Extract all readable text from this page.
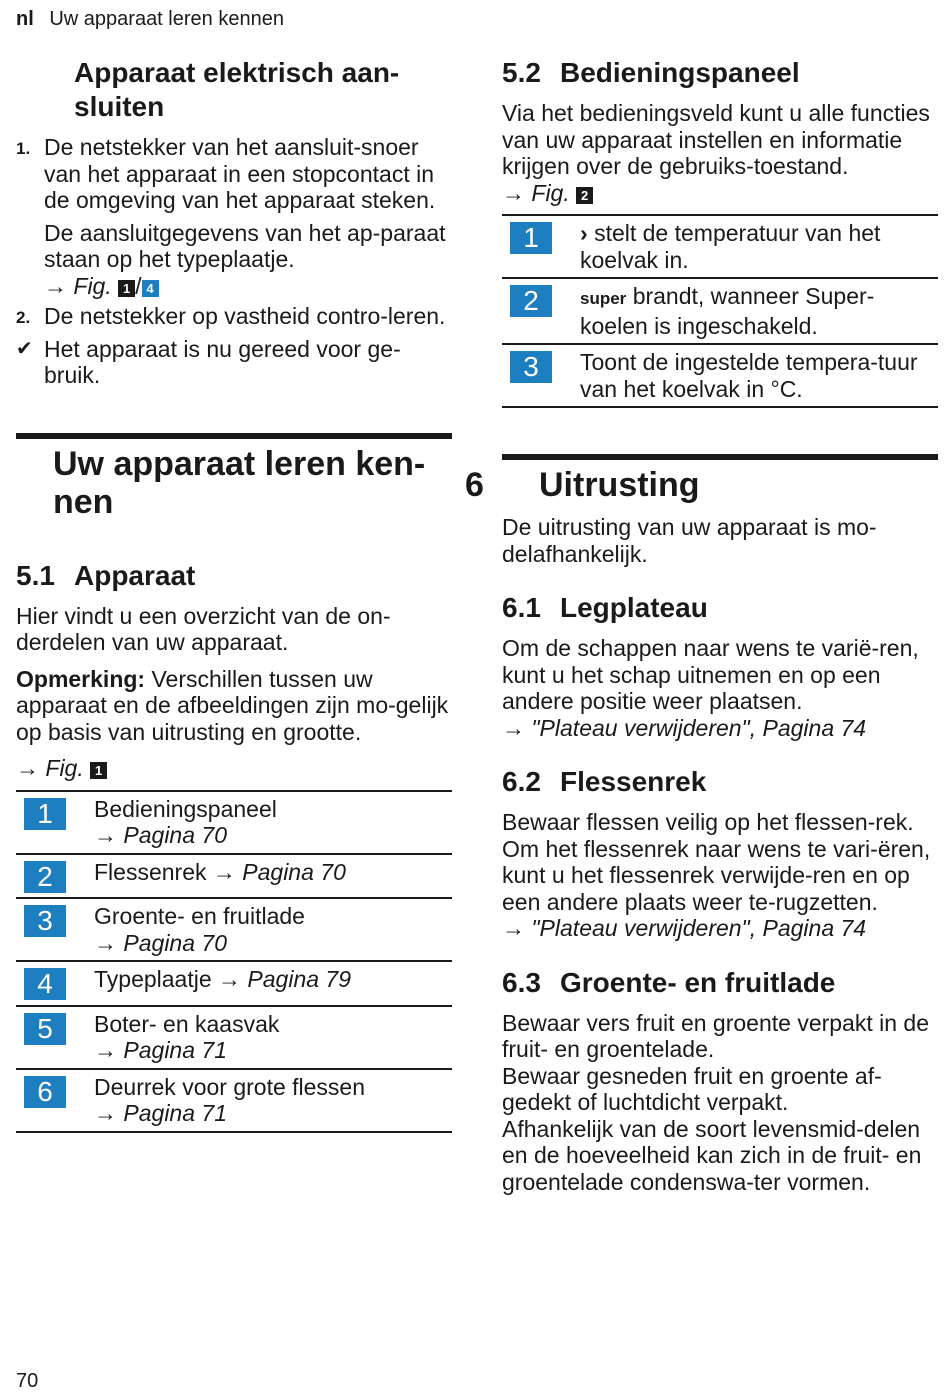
nl Uw apparaat leren kennen
Apparaat elektrisch aan-sluiten
1. De netstekker van het aansluit-snoer van het apparaat in een stopcontact in de omgeving van het apparaat steken.

De aansluitgegevens van het ap-paraat staan op het typeplaatje.

→ Fig. 1 / 4

2. De netstekker op vastheid contro-leren.
✔ Het apparaat is nu gereed voor ge-bruik.
Uw apparaat leren ken-nen
5.1 Apparaat

Hier vindt u een overzicht van de on-derdelen van uw apparaat.

Opmerking: Verschillen tussen uw apparaat en de afbeeldingen zijn mo-gelijk op basis van uitrusting en grootte.

→ Fig. 1

1	Bedieningspaneel
→ Pagina 70

2	Flessenrek → Pagina 70

3	Groente- en fruitlade
→ Pagina 70

4	Typeplaatje → Pagina 79

5	Boter- en kaasvak
→ Pagina 71

6	Deurrek voor grote flessen
→ Pagina 71
5.2 Bedieningspaneel

Via het bedieningsveld kunt u alle functies van uw apparaat instellen en informatie krijgen over de gebruiks-toestand.

→ Fig. 2

1	› stelt de temperatuur van het koelvak in.

2	super brandt, wanneer Super-koelen is ingeschakeld.

3	Toont de ingestelde tempera-tuur van het koelvak in °C.
6 Uitrusting

De uitrusting van uw apparaat is mo-delafhankelijk.

6.1 Legplateau

Om de schappen naar wens te varië-ren, kunt u het schap uitnemen en op een andere positie weer plaatsen.

→ "Plateau verwijderen", Pagina 74

6.2 Flessenrek

Bewaar flessen veilig op het flessen-rek.

Om het flessenrek naar wens te vari-ëren, kunt u het flessenrek verwijde-ren en op een andere plaats weer te-rugzetten.

→ "Plateau verwijderen", Pagina 74

6.3 Groente- en fruitlade

Bewaar vers fruit en groente verpakt in de fruit- en groentelade.

Bewaar gesneden fruit en groente af-gedekt of luchtdicht verpakt.

Afhankelijk van de soort levensmid-delen en de hoeveelheid kan zich in de fruit- en groentelade condenswa-ter vormen.

70
